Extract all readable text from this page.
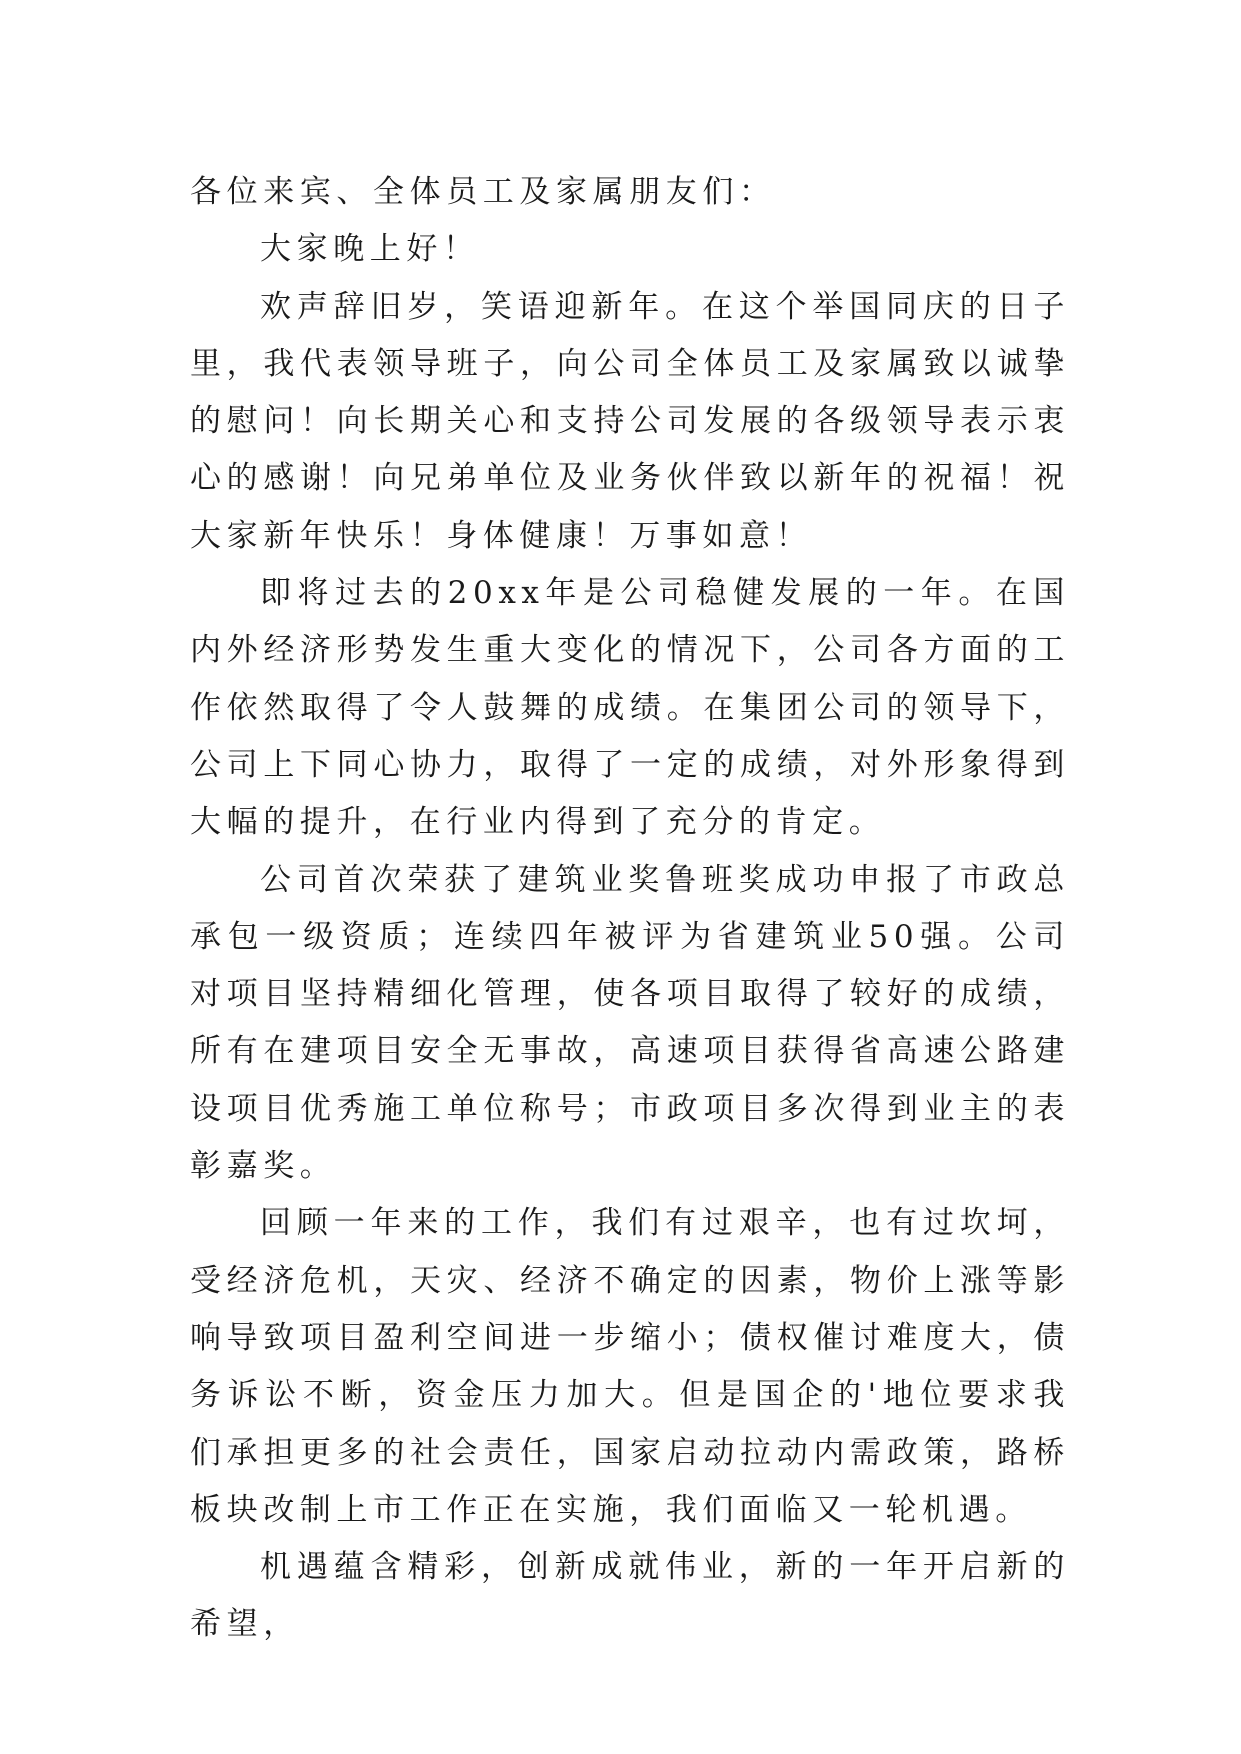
各位来宾、全体员工及家属朋友们：

大家晚上好！

欢声辞旧岁，笑语迎新年。在这个举国同庆的日子里，我代表领导班子，向公司全体员工及家属致以诚挚的慰问！向长期关心和支持公司发展的各级领导表示衷心的感谢！向兄弟单位及业务伙伴致以新年的祝福！祝大家新年快乐！身体健康！万事如意！

即将过去的20xx年是公司稳健发展的一年。在国内外经济形势发生重大变化的情况下，公司各方面的工作依然取得了令人鼓舞的成绩。在集团公司的领导下，公司上下同心协力，取得了一定的成绩，对外形象得到大幅的提升，在行业内得到了充分的肯定。

公司首次荣获了建筑业奖鲁班奖成功申报了市政总承包一级资质；连续四年被评为省建筑业50强。公司对项目坚持精细化管理，使各项目取得了较好的成绩，所有在建项目安全无事故，高速项目获得省高速公路建设项目优秀施工单位称号；市政项目多次得到业主的表彰嘉奖。

回顾一年来的工作，我们有过艰辛，也有过坎坷，受经济危机，天灾、经济不确定的因素，物价上涨等影响导致项目盈利空间进一步缩小；债权催讨难度大，债务诉讼不断，资金压力加大。但是国企的'地位要求我们承担更多的社会责任，国家启动拉动内需政策，路桥板块改制上市工作正在实施，我们面临又一轮机遇。

机遇蕴含精彩，创新成就伟业，新的一年开启新的希望，
